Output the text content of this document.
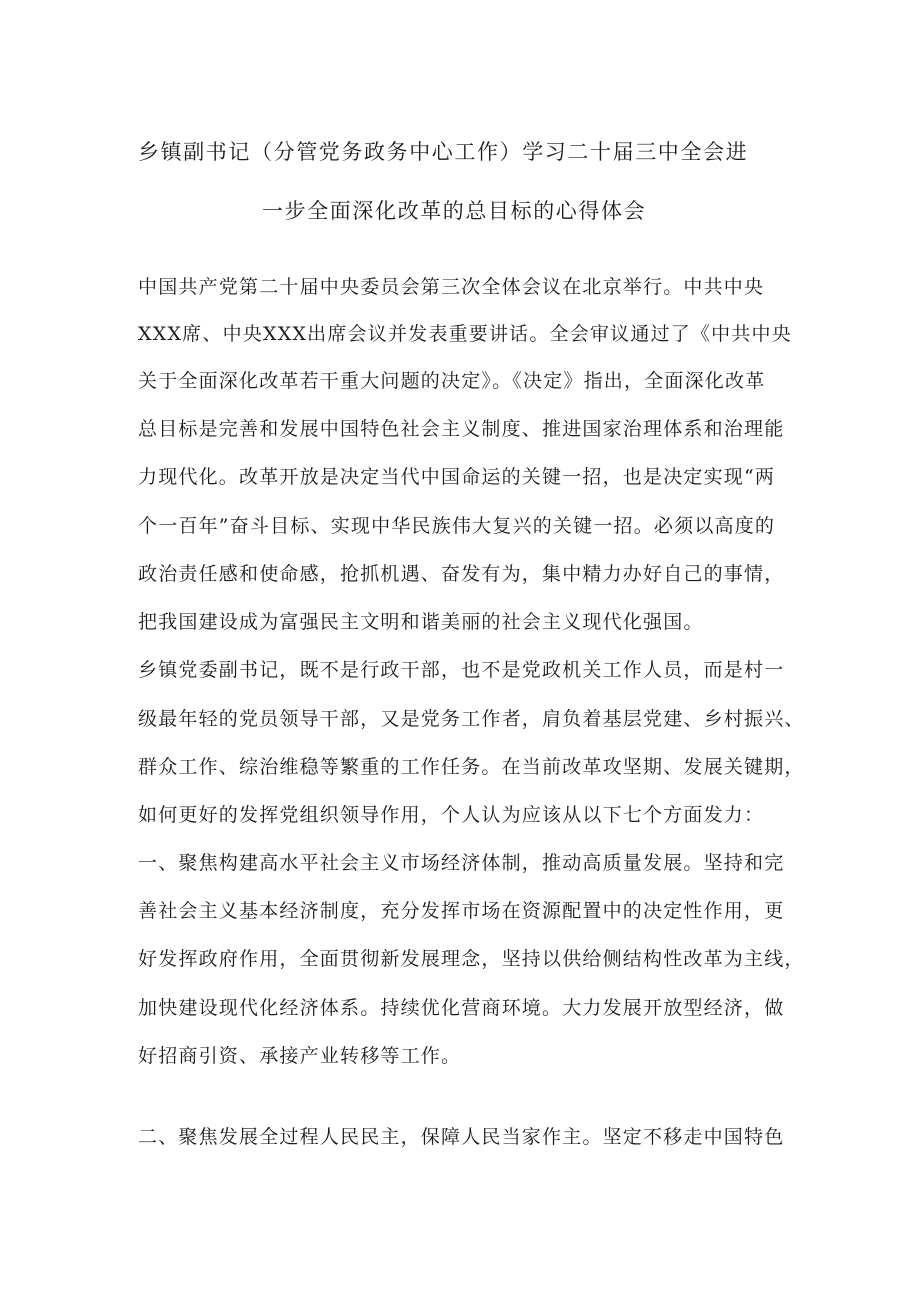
乡镇副书记（分管党务政务中心工作）学习二十届三中全会进
一步全面深化改革的总目标的心得体会
中国共产党第二十届中央委员会第三次全体会议在北京举行。中共中央
XXX席、中央XXX出席会议并发表重要讲话。全会审议通过了《中共中央
关于全面深化改革若干重大问题的决定》。《决定》指出，全面深化改革
总目标是完善和发展中国特色社会主义制度、推进国家治理体系和治理能
力现代化。改革开放是决定当代中国命运的关键一招，也是决定实现“两
个一百年”奋斗目标、实现中华民族伟大复兴的关键一招。必须以高度的
政治责任感和使命感，抢抓机遇、奋发有为，集中精力办好自己的事情，
把我国建设成为富强民主文明和谐美丽的社会主义现代化强国。
乡镇党委副书记，既不是行政干部，也不是党政机关工作人员，而是村一
级最年轻的党员领导干部，又是党务工作者，肩负着基层党建、乡村振兴、
群众工作、综治维稳等繁重的工作任务。在当前改革攻坚期、发展关键期，
如何更好的发挥党组织领导作用，个人认为应该从以下七个方面发力：
一、聚焦构建高水平社会主义市场经济体制，推动高质量发展。坚持和完
善社会主义基本经济制度，充分发挥市场在资源配置中的决定性作用，更
好发挥政府作用，全面贯彻新发展理念，坚持以供给侧结构性改革为主线，
加快建设现代化经济体系。持续优化营商环境。大力发展开放型经济，做
好招商引资、承接产业转移等工作。
二、聚焦发展全过程人民民主，保障人民当家作主。坚定不移走中国特色
